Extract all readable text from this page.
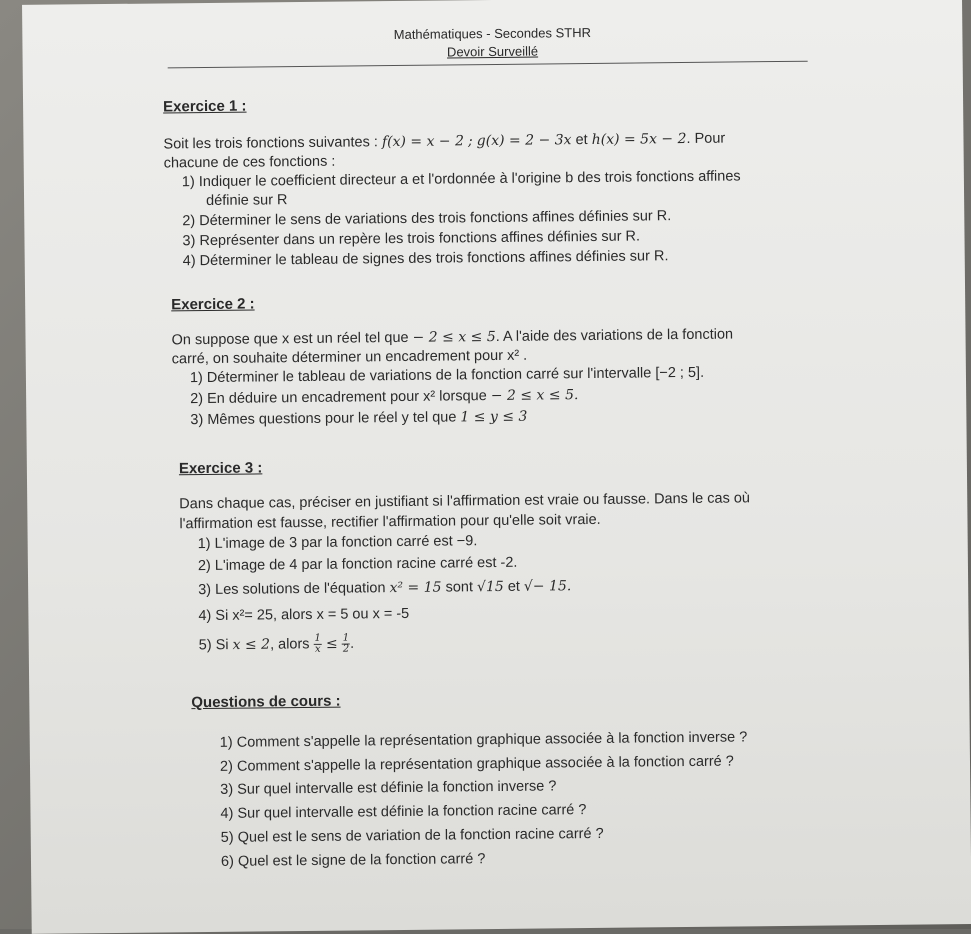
Mathématiques - Secondes STHR
Devoir Surveillé
Exercice 1 :
Soit les trois fonctions suivantes : f(x) = x − 2 ; g(x) = 2 − 3x et h(x) = 5x − 2. Pour
chacune de ces fonctions :
1) Indiquer le coefficient directeur a et l'ordonnée à l'origine b des trois fonctions affines
définie sur R
2) Déterminer le sens de variations des trois fonctions affines définies sur R.
3) Représenter dans un repère les trois fonctions affines définies sur R.
4) Déterminer le tableau de signes des trois fonctions affines définies sur R.
Exercice 2 :
On suppose que x est un réel tel que − 2 ≤ x ≤ 5. A l'aide des variations de la fonction
carré, on souhaite déterminer un encadrement pour x² .
1) Déterminer le tableau de variations de la fonction carré sur l'intervalle [−2 ; 5].
2) En déduire un encadrement pour x² lorsque − 2 ≤ x ≤ 5.
3) Mêmes questions pour le réel y tel que 1 ≤ y ≤ 3
Exercice 3 :
Dans chaque cas, préciser en justifiant si l'affirmation est vraie ou fausse. Dans le cas où
l'affirmation est fausse, rectifier l'affirmation pour qu'elle soit vraie.
1) L'image de 3 par la fonction carré est −9.
2) L'image de 4 par la fonction racine carré est -2.
3) Les solutions de l'équation x² = 15 sont √15 et √− 15.
4) Si x²= 25, alors x = 5 ou x = -5
5) Si x ≤ 2, alors $\frac{1}{x} \le \frac{1}{2}$ .
Questions de cours :
1) Comment s'appelle la représentation graphique associée à la fonction inverse ?
2) Comment s'appelle la représentation graphique associée à la fonction carré ?
3) Sur quel intervalle est définie la fonction inverse ?
4) Sur quel intervalle est définie la fonction racine carré ?
5) Quel est le sens de variation de la fonction racine carré ?
6) Quel est le signe de la fonction carré ?
